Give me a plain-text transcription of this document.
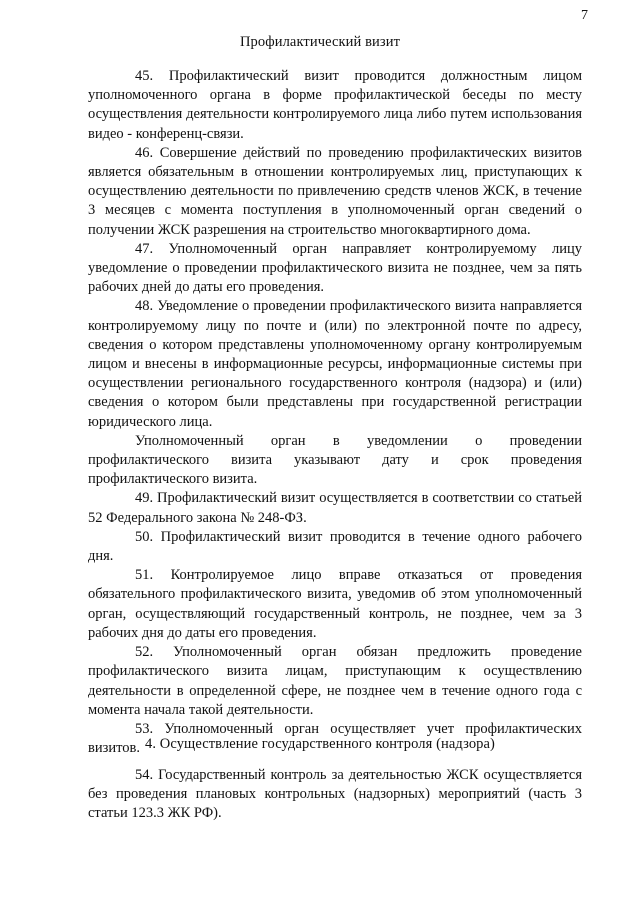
7
Профилактический визит

45. Профилактический визит проводится должностным лицом уполномоченного органа в форме профилактической беседы по месту осуществления деятельности контролируемого лица либо путем использования видео - конференц-связи.

46. Совершение действий по проведению профилактических визитов является обязательным в отношении контролируемых лиц, приступающих к осуществлению деятельности по привлечению средств членов ЖСК, в течение 3 месяцев с момента поступления в уполномоченный орган сведений о получении ЖСК разрешения на строительство многоквартирного дома.

47. Уполномоченный орган направляет контролируемому лицу уведомление о проведении профилактического визита не позднее, чем за пять рабочих дней до даты его проведения.

48. Уведомление о проведении профилактического визита направляется контролируемому лицу по почте и (или) по электронной почте по адресу, сведения о котором представлены уполномоченному органу контролируемым лицом и внесены в информационные ресурсы, информационные системы при осуществлении регионального государственного контроля (надзора) и (или) сведения о котором были представлены при государственной регистрации юридического лица.

Уполномоченный орган в уведомлении о проведении профилактического визита указывают дату и срок проведения профилактического визита.

49. Профилактический визит осуществляется в соответствии со статьей 52 Федерального закона № 248-ФЗ.

50. Профилактический визит проводится в течение одного рабочего дня.

51. Контролируемое лицо вправе отказаться от проведения обязательного профилактического визита, уведомив об этом уполномоченный орган, осуществляющий государственный контроль, не позднее, чем за 3 рабочих дня до даты его проведения.

52. Уполномоченный орган обязан предложить проведение профилактического визита лицам, приступающим к осуществлению деятельности в определенной сфере, не позднее чем в течение одного года с момента начала такой деятельности.

53. Уполномоченный орган осуществляет учет профилактических визитов. 4. Осуществление государственного контроля (надзора)

54. Государственный контроль за деятельностью ЖСК осуществляется без проведения плановых контрольных (надзорных) мероприятий (часть 3 статьи 123.3 ЖК РФ).
